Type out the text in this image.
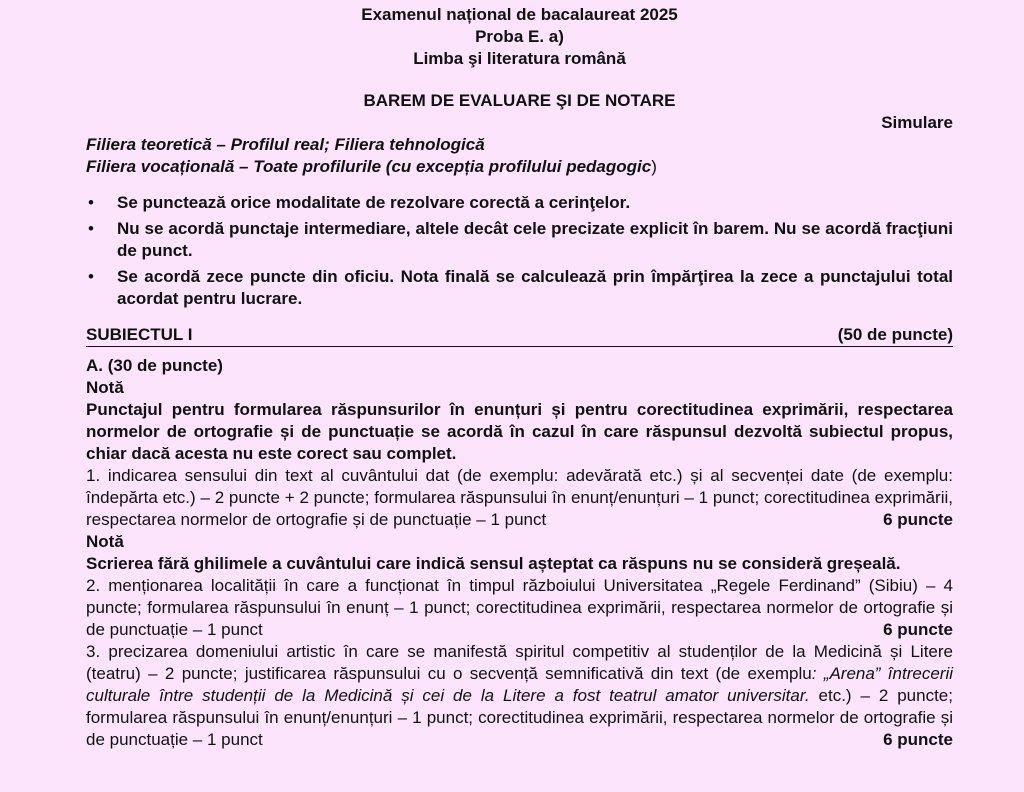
Examenul național de bacalaureat 2025
Proba E. a)
Limba şi literatura română
BAREM DE EVALUARE ŞI DE NOTARE
Simulare
Filiera teoretică – Profilul real; Filiera tehnologică
Filiera vocațională – Toate profilurile (cu excepția profilului pedagogic)
• Se punctează orice modalitate de rezolvare corectă a cerinţelor.
• Nu se acordă punctaje intermediare, altele decât cele precizate explicit în barem. Nu se acordă fracţiuni de punct.
• Se acordă zece puncte din oficiu. Nota finală se calculează prin împărţirea la zece a punctajului total acordat pentru lucrare.
SUBIECTUL I	(50 de puncte)
A. (30 de puncte)
Notă
Punctajul pentru formularea răspunsurilor în enunțuri și pentru corectitudinea exprimării, respectarea normelor de ortografie și de punctuație se acordă în cazul în care răspunsul dezvoltă subiectul propus, chiar dacă acesta nu este corect sau complet.
1. indicarea sensului din text al cuvântului dat (de exemplu: adevărată etc.) și al secvenței date (de exemplu: îndepărta etc.) – 2 puncte + 2 puncte; formularea răspunsului în enunț/enunțuri – 1 punct; corectitudinea exprimării, respectarea normelor de ortografie și de punctuație – 1 punct	6 puncte
Notă
Scrierea fără ghilimele a cuvântului care indică sensul așteptat ca răspuns nu se consideră greșeală.
2. menționarea localității în care a funcționat în timpul războiului Universitatea „Regele Ferdinand” (Sibiu) – 4 puncte; formularea răspunsului în enunț – 1 punct; corectitudinea exprimării, respectarea normelor de ortografie și de punctuație – 1 punct	6 puncte
3. precizarea domeniului artistic în care se manifestă spiritul competitiv al studenților de la Medicină și Litere (teatru) – 2 puncte; justificarea răspunsului cu o secvență semnificativă din text (de exemplu: „Arena” întrecerii culturale între studenții de la Medicină și cei de la Litere a fost teatrul amator universitar. etc.) – 2 puncte; formularea răspunsului în enunț/enunțuri – 1 punct; corectitudinea exprimării, respectarea normelor de ortografie și de punctuație – 1 punct	6 puncte
